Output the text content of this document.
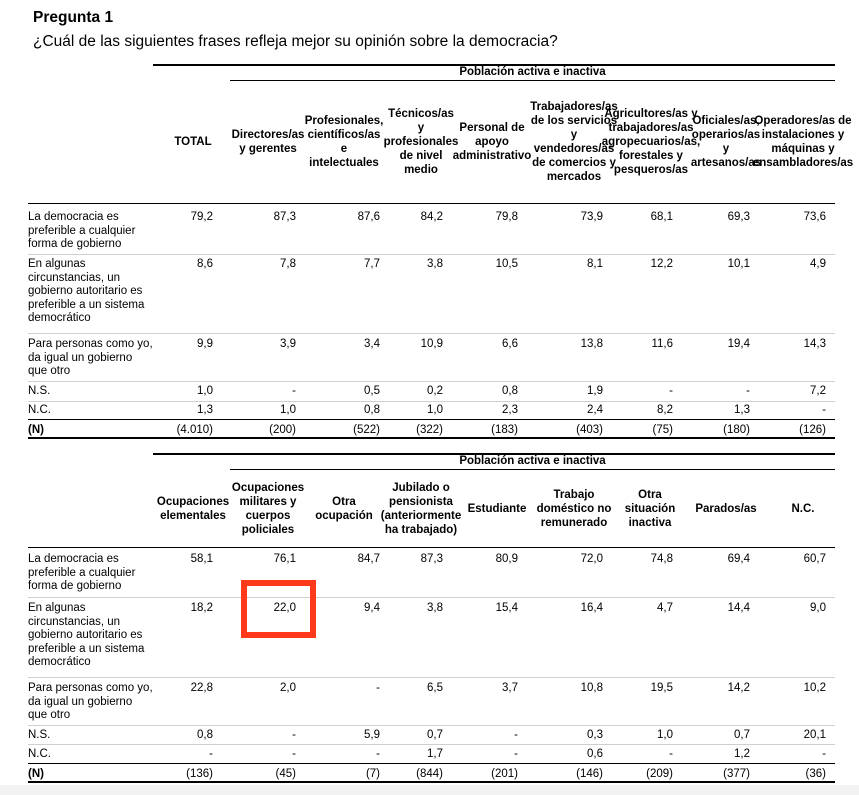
Pregunta 1
¿Cuál de las siguientes frases refleja mejor su opinión sobre la democracia?
Población activa e inactiva
TOTAL
Directores/as y gerentes
Profesionales, científicos/as e intelectuales
Técnicos/as y profesionales de nivel medio
Personal de apoyo administrativo
Trabajadores/as de los servicios y vendedores/as de comercios y mercados
Agricultores/as y trabajadores/as agropecuarios/as, forestales y pesqueros/as
Oficiales/as, operarios/as y artesanos/as
Operadores/as de instalaciones y máquinas y ensambladores/as
La democracia es preferible a cualquier forma de gobierno
79,2	87,3	87,6	84,2	79,8	73,9	68,1	69,3	73,6
En algunas circunstancias, un gobierno autoritario es preferible a un sistema democrático
8,6	7,8	7,7	3,8	10,5	8,1	12,2	10,1	4,9
Para personas como yo, da igual un gobierno que otro
9,9	3,9	3,4	10,9	6,6	13,8	11,6	19,4	14,3
N.S.	1,0	-	0,5	0,2	0,8	1,9	-	-	7,2
N.C.	1,3	1,0	0,8	1,0	2,3	2,4	8,2	1,3	-
(N)	(4.010)	(200)	(522)	(322)	(183)	(403)	(75)	(180)	(126)
Población activa e inactiva
Ocupaciones elementales
Ocupaciones militares y cuerpos policiales
Otra ocupación
Jubilado o pensionista (anteriormente ha trabajado)
Estudiante
Trabajo doméstico no remunerado
Otra situación inactiva
Parados/as	N.C.
La democracia es preferible a cualquier forma de gobierno
58,1	76,1	84,7	87,3	80,9	72,0	74,8	69,4	60,7
En algunas circunstancias, un gobierno autoritario es preferible a un sistema democrático
18,2	22,0	9,4	3,8	15,4	16,4	4,7	14,4	9,0
Para personas como yo, da igual un gobierno que otro
22,8	2,0	-	6,5	3,7	10,8	19,5	14,2	10,2
N.S.	0,8	-	5,9	0,7	-	0,3	1,0	0,7	20,1
N.C.	-	-	-	1,7	-	0,6	-	1,2	-
(N)	(136)	(45)	(7)	(844)	(201)	(146)	(209)	(377)	(36)
